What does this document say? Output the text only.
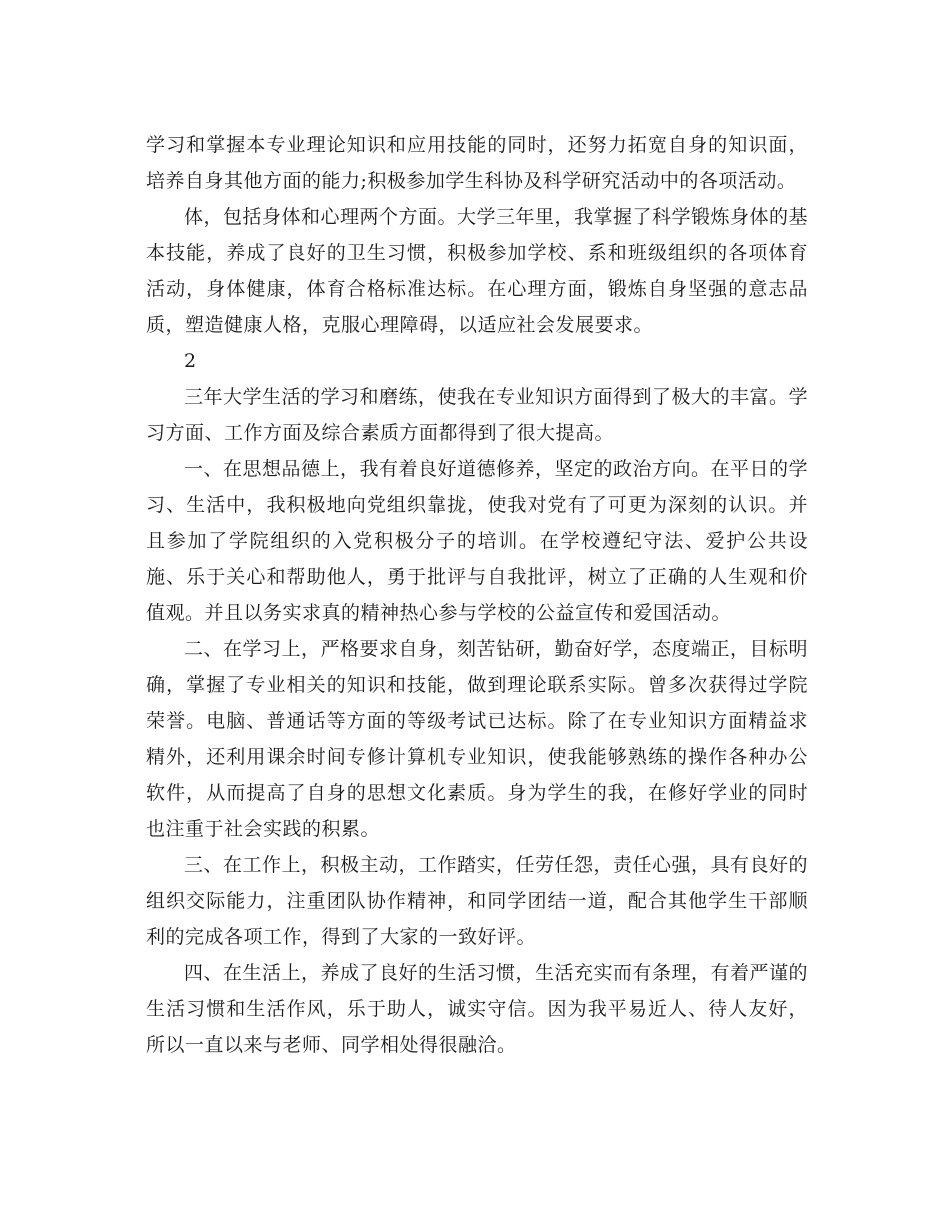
学习和掌握本专业理论知识和应用技能的同时，还努力拓宽自身的知识面，培养自身其他方面的能力;积极参加学生科协及科学研究活动中的各项活动。

体，包括身体和心理两个方面。大学三年里，我掌握了科学锻炼身体的基本技能，养成了良好的卫生习惯，积极参加学校、系和班级组织的各项体育活动，身体健康，体育合格标准达标。在心理方面，锻炼自身坚强的意志品质，塑造健康人格，克服心理障碍，以适应社会发展要求。

2

三年大学生活的学习和磨练，使我在专业知识方面得到了极大的丰富。学习方面、工作方面及综合素质方面都得到了很大提高。

一、在思想品德上，我有着良好道德修养，坚定的政治方向。在平日的学习、生活中，我积极地向党组织靠拢，使我对党有了可更为深刻的认识。并且参加了学院组织的入党积极分子的培训。在学校遵纪守法、爱护公共设施、乐于关心和帮助他人，勇于批评与自我批评，树立了正确的人生观和价值观。并且以务实求真的精神热心参与学校的公益宣传和爱国活动。

二、在学习上，严格要求自身，刻苦钻研，勤奋好学，态度端正，目标明确，掌握了专业相关的知识和技能，做到理论联系实际。曾多次获得过学院荣誉。电脑、普通话等方面的等级考试已达标。除了在专业知识方面精益求精外，还利用课余时间专修计算机专业知识，使我能够熟练的操作各种办公软件，从而提高了自身的思想文化素质。身为学生的我，在修好学业的同时也注重于社会实践的积累。

三、在工作上，积极主动，工作踏实，任劳任怨，责任心强，具有良好的组织交际能力，注重团队协作精神，和同学团结一道，配合其他学生干部顺利的完成各项工作，得到了大家的一致好评。

四、在生活上，养成了良好的生活习惯，生活充实而有条理，有着严谨的生活习惯和生活作风，乐于助人，诚实守信。因为我平易近人、待人友好，所以一直以来与老师、同学相处得很融洽。
